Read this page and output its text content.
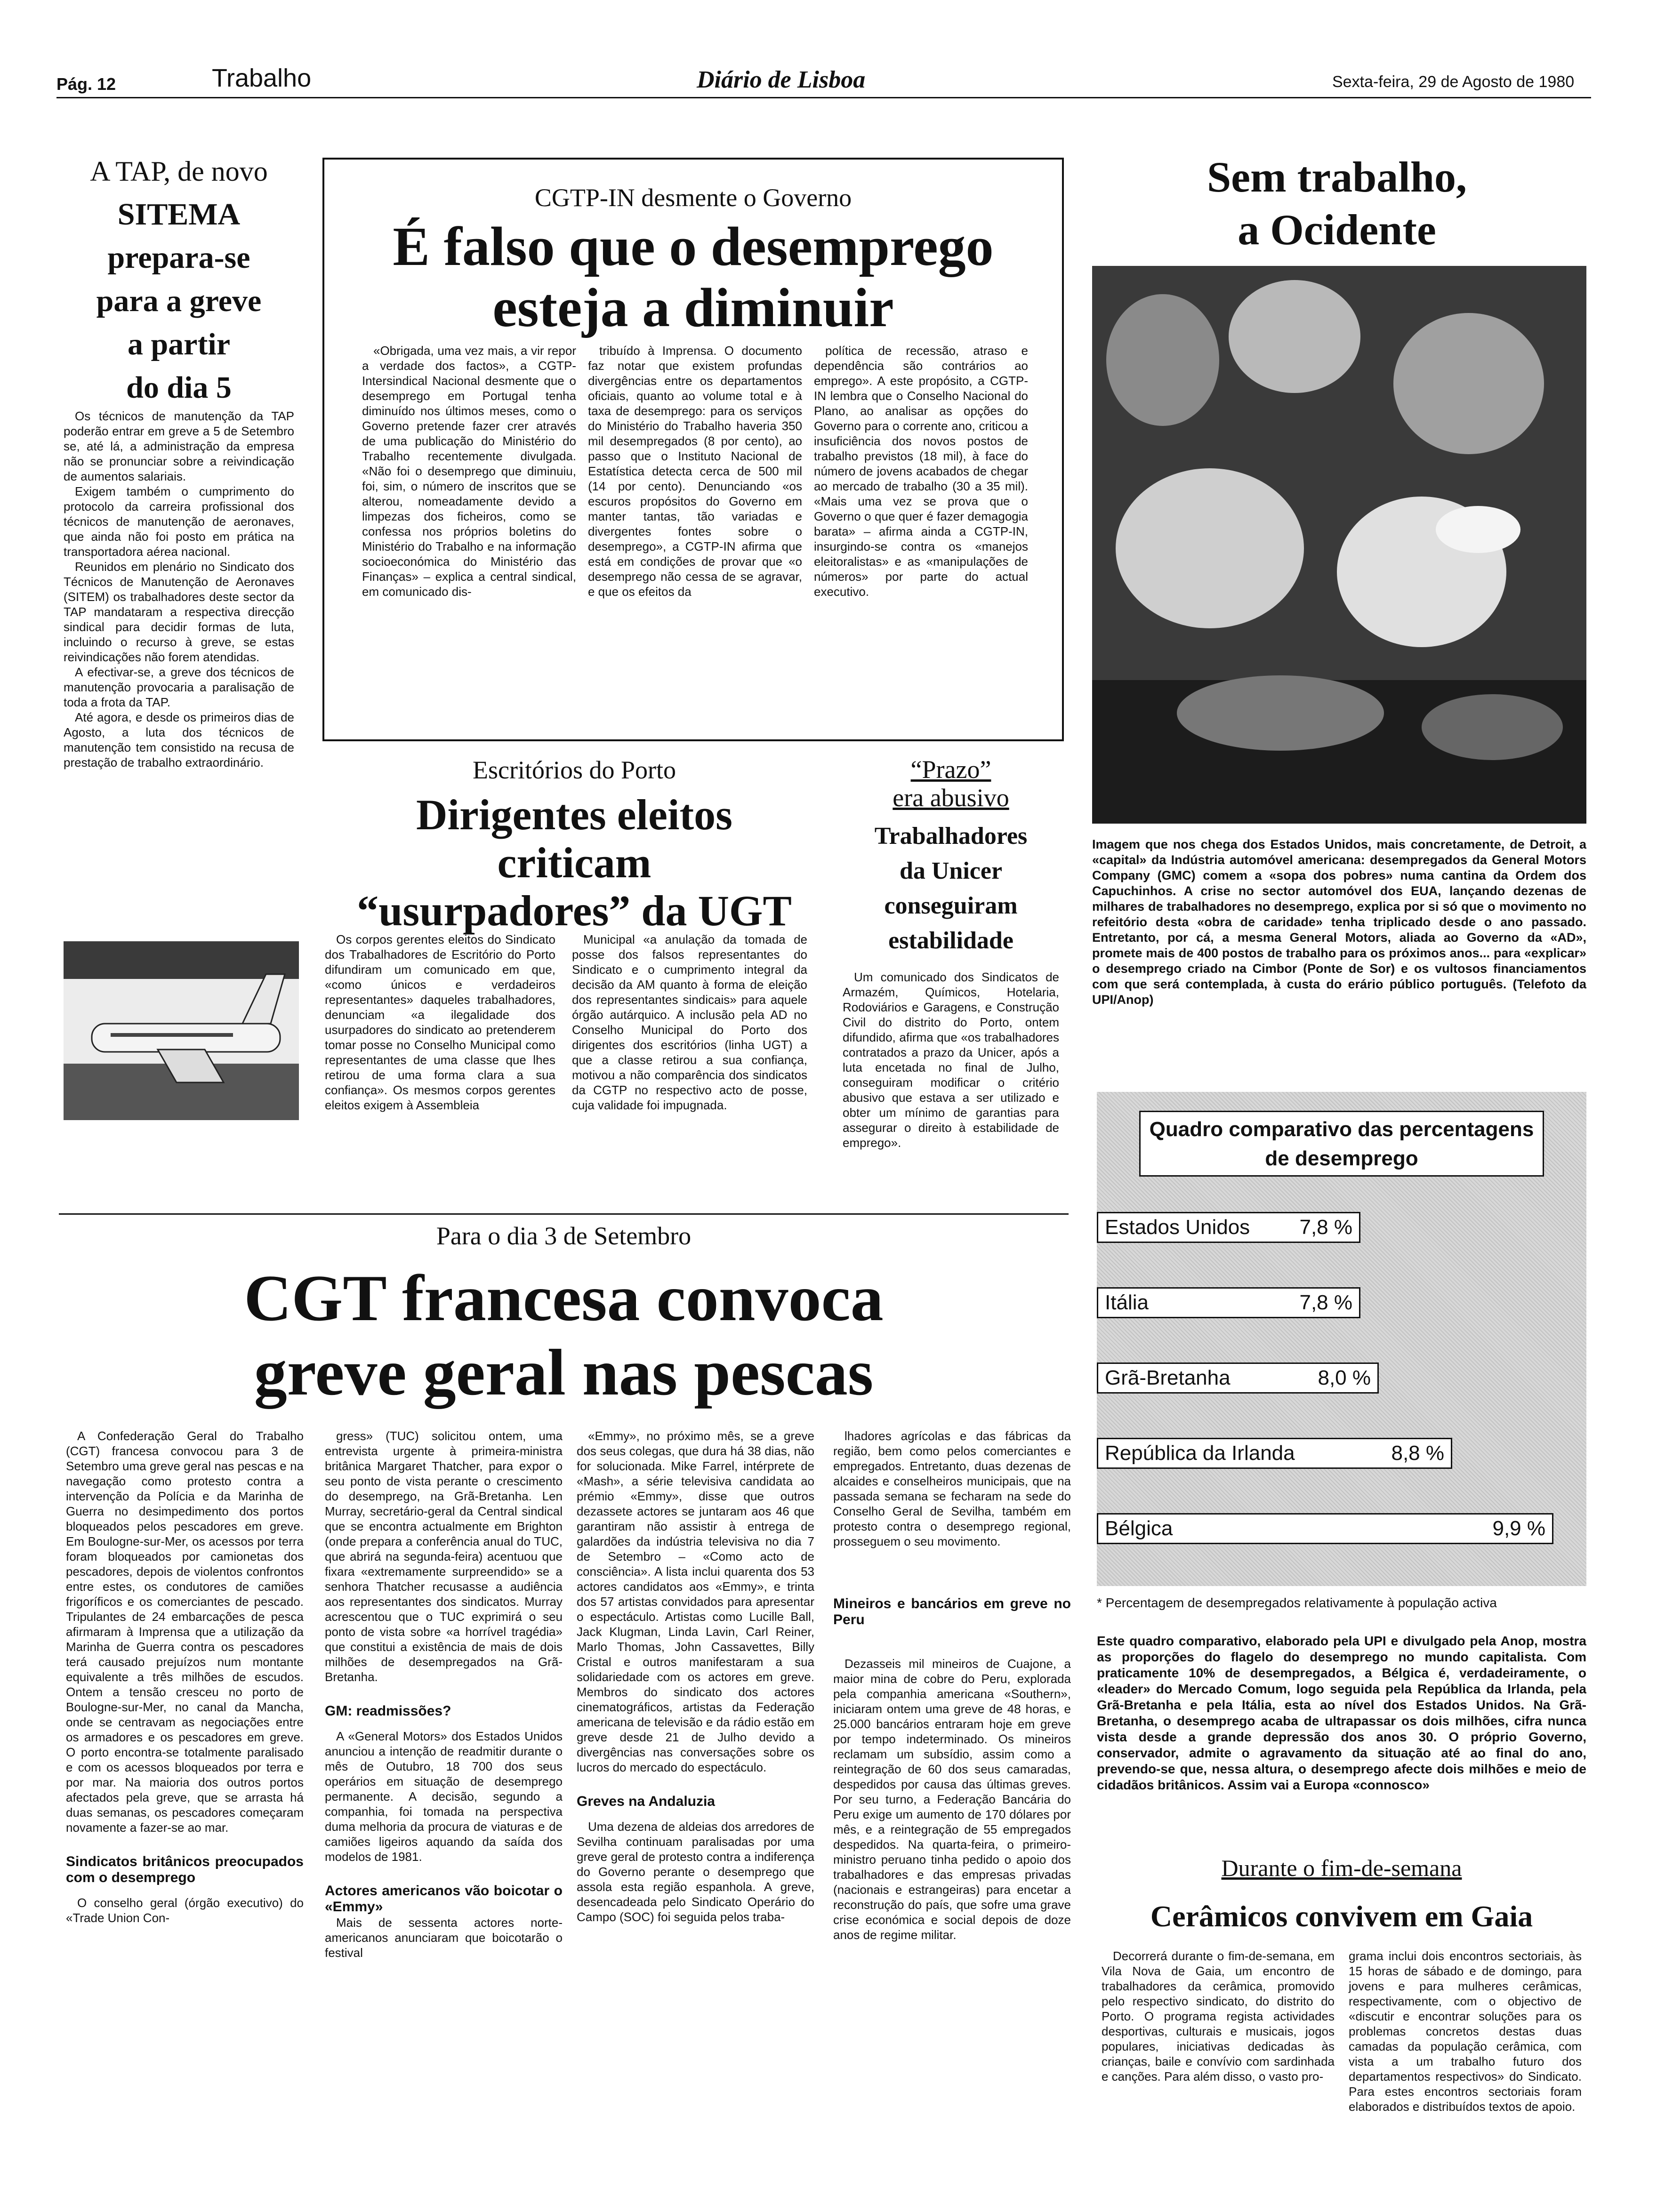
Pág. 12	Trabalho	Diário de Lisboa	Sexta-feira, 29 de Agosto de 1980
A TAP, de novo
SITEMA
prepara-se
para a greve
a partir
do dia 5

Os técnicos de manutenção da TAP poderão entrar em greve a 5 de Setembro se, até lá, a administração da empresa não se pronunciar sobre a reivindicação de aumentos salariais.

Exigem também o cumprimento do protocolo da carreira profissional dos técnicos de manutenção de aeronaves, que ainda não foi posto em prática na transportadora aérea nacional.

Reunidos em plenário no Sindicato dos Técnicos de Manutenção de Aeronaves (SITEM) os trabalhadores deste sector da TAP mandataram a respectiva direcção sindical para decidir formas de luta, incluindo o recurso à greve, se estas reivindicações não forem atendidas.

A efectivar-se, a greve dos técnicos de manutenção provocaria a paralisação de toda a frota da TAP.

Até agora, e desde os primeiros dias de Agosto, a luta dos técnicos de manutenção tem consistido na recusa de prestação de trabalho extraordinário.

CGTP-IN desmente o Governo
É falso que o desemprego
esteja a diminuir
«Obrigada, uma vez mais, a vir repor a verdade dos factos», a CGTP-Intersindical Nacional desmente que o desemprego em Portugal tenha diminuído nos últimos meses, como o Governo pretende fazer crer através de uma publicação do Ministério do Trabalho recentemente divulgada. «Não foi o desemprego que diminuiu, foi, sim, o número de inscritos que se alterou, nomeadamente devido a limpezas dos ficheiros, como se confessa nos próprios boletins do Ministério do Trabalho e na informação socioeconómica do Ministério das Finanças» – explica a central sindical, em comunicado dis-
tribuído à Imprensa. O documento faz notar que existem profundas divergências entre os departamentos oficiais, quanto ao volume total e à taxa de desemprego: para os serviços do Ministério do Trabalho haveria 350 mil desempregados (8 por cento), ao passo que o Instituto Nacional de Estatística detecta cerca de 500 mil (14 por cento). Denunciando «os escuros propósitos do Governo em manter tantas, tão variadas e divergentes fontes sobre o desemprego», a CGTP-IN afirma que está em condições de provar que «o desemprego não cessa de se agravar, e que os efeitos da
política de recessão, atraso e dependência são contrários ao emprego». A este propósito, a CGTP-IN lembra que o Conselho Nacional do Plano, ao analisar as opções do Governo para o corrente ano, criticou a insuficiência dos novos postos de trabalho previstos (18 mil), à face do número de jovens acabados de chegar ao mercado de trabalho (30 a 35 mil). «Mais uma vez se prova que o Governo o que quer é fazer demagogia barata» – afirma ainda a CGTP-IN, insurgindo-se contra os «manejos eleitoralistas» e as «manipulações de números» por parte do actual executivo.
Sem trabalho,
a Ocidente
Imagem que nos chega dos Estados Unidos, mais concretamente, de Detroit, a «capital» da Indústria automóvel americana: desempregados da General Motors Company (GMC) comem a «sopa dos pobres» numa cantina da Ordem dos Capuchinhos. A crise no sector automóvel dos EUA, lançando dezenas de milhares de trabalhadores no desemprego, explica por si só que o movimento no refeitório desta «obra de caridade» tenha triplicado desde o ano passado. Entretanto, por cá, a mesma General Motors, aliada ao Governo da «AD», promete mais de 400 postos de trabalho para os próximos anos... para «explicar» o desemprego criado na Cimbor (Ponte de Sor) e os vultosos financiamentos com que será contemplada, à custa do erário público português. (Telefoto da UPI/Anop)
Escritórios do Porto
Dirigentes eleitos
criticam
“usurpadores” da UGT
Os corpos gerentes eleitos do Sindicato dos Trabalhadores de Escritório do Porto difundiram um comunicado em que, «como únicos e verdadeiros representantes» daqueles trabalhadores, denunciam «a ilegalidade dos usurpadores do sindicato ao pretenderem tomar posse no Conselho Municipal como representantes de uma classe que lhes retirou de uma forma clara a sua confiança». Os mesmos corpos gerentes eleitos exigem à Assembleia
Municipal «a anulação da tomada de posse dos falsos representantes do Sindicato e o cumprimento integral da decisão da AM quanto à forma de eleição dos representantes sindicais» para aquele órgão autárquico. A inclusão pela AD no Conselho Municipal do Porto dos dirigentes dos escritórios (linha UGT) a que a classe retirou a sua confiança, motivou a não comparência dos sindicatos da CGTP no respectivo acto de posse, cuja validade foi impugnada.
“Prazo”
era abusivo
Trabalhadores
da Unicer
conseguiram
estabilidade
Um comunicado dos Sindicatos de Armazém, Químicos, Hotelaria, Rodoviários e Garagens, e Construção Civil do distrito do Porto, ontem difundido, afirma que «os trabalhadores contratados a prazo da Unicer, após a luta encetada no final de Julho, conseguiram modificar o critério abusivo que estava a ser utilizado e obter um mínimo de garantias para assegurar o direito à estabilidade de emprego».
Quadro comparativo das percentagens de desemprego
Estados Unidos 7,8 %
Itália	7,8 %
Grã-Bretanha	8,0 %
República da Irlanda	8,8 %
Bélgica	9,9 %
* Percentagem de desempregados relativamente à população activa
Este quadro comparativo, elaborado pela UPI e divulgado pela Anop, mostra as proporções do flagelo do desemprego no mundo capitalista. Com praticamente 10% de desempregados, a Bélgica é, verdadeiramente, o «leader» do Mercado Comum, logo seguida pela República da Irlanda, pela Grã-Bretanha e pela Itália, esta ao nível dos Estados Unidos. Na Grã-Bretanha, o desemprego acaba de ultrapassar os dois milhões, cifra nunca vista desde a grande depressão dos anos 30. O próprio Governo, conservador, admite o agravamento da situação até ao final do ano, prevendo-se que, nessa altura, o desemprego afecte dois milhões e meio de cidadãos britânicos. Assim vai a Europa «connosco»
Para o dia 3 de Setembro
CGT francesa convoca
greve geral nas pescas

A Confederação Geral do Trabalho (CGT) francesa convocou para 3 de Setembro uma greve geral nas pescas e na navegação como protesto contra a intervenção da Polícia e da Marinha de Guerra no desimpedimento dos portos bloqueados pelos pescadores em greve. Em Boulogne-sur-Mer, os acessos por terra foram bloqueados por camionetas dos pescadores, depois de violentos confrontos entre estes, os condutores de camiões frigoríficos e os comerciantes de pescado. Tripulantes de 24 embarcações de pesca afirmaram à Imprensa que a utilização da Marinha de Guerra contra os pescadores terá causado prejuízos num montante equivalente a três milhões de escudos. Ontem a tensão cresceu no porto de Boulogne-sur-Mer, no canal da Mancha, onde se centravam as negociações entre os armadores e os pescadores em greve. O porto encontra-se totalmente paralisado e com os acessos bloqueados por terra e por mar. Na maioria dos outros portos afectados pela greve, que se arrasta há duas semanas, os pescadores começaram novamente a fazer-se ao mar.

Sindicatos britânicos preocupados com o desemprego

O conselho geral (órgão executivo) do «Trade Union Con-

gress» (TUC) solicitou ontem, uma entrevista urgente à primeira-ministra britânica Margaret Thatcher, para expor o seu ponto de vista perante o crescimento do desemprego, na Grã-Bretanha. Len Murray, secretário-geral da Central sindical que se encontra actualmente em Brighton (onde prepara a conferência anual do TUC, que abrirá na segunda-feira) acentuou que fixara «extremamente surpreendido» se a senhora Thatcher recusasse a audiência aos representantes dos sindicatos. Murray acrescentou que o TUC exprimirá o seu ponto de vista sobre «a horrível tragédia» que constitui a existência de mais de dois milhões de desempregados na Grã-Bretanha.

GM: readmissões?

A «General Motors» dos Estados Unidos anunciou a intenção de readmitir durante o mês de Outubro, 18 700 dos seus operários em situação de desemprego permanente. A decisão, segundo a companhia, foi tomada na perspectiva duma melhoria da procura de viaturas e de camiões ligeiros aquando da saída dos modelos de 1981.

Actores americanos vão boicotar o «Emmy»

Mais de sessenta actores norte-americanos anunciaram que boicotarão o festival

«Emmy», no próximo mês, se a greve dos seus colegas, que dura há 38 dias, não for solucionada. Mike Farrel, intérprete de «Mash», a série televisiva candidata ao prémio «Emmy», disse que outros dezassete actores se juntaram aos 46 que garantiram não assistir à entrega de galardões da indústria televisiva no dia 7 de Setembro – «Como acto de consciência». A lista inclui quarenta dos 53 actores candidatos aos «Emmy», e trinta dos 57 artistas convidados para apresentar o espectáculo. Artistas como Lucille Ball, Jack Klugman, Linda Lavin, Carl Reiner, Marlo Thomas, John Cassavettes, Billy Cristal e outros manifestaram a sua solidariedade com os actores em greve. Membros do sindicato dos actores cinematográficos, artistas da Federação americana de televisão e da rádio estão em greve desde 21 de Julho devido a divergências nas conversações sobre os lucros do mercado do espectáculo.

Greves na Andaluzia

Uma dezena de aldeias dos arredores de Sevilha continuam paralisadas por uma greve geral de protesto contra a indiferença do Governo perante o desemprego que assola esta região espanhola. A greve, desencadeada pelo Sindicato Operário do Campo (SOC) foi seguida pelos traba-

lhadores agrícolas e das fábricas da região, bem como pelos comerciantes e empregados. Entretanto, duas dezenas de alcaides e conselheiros municipais, que na passada semana se fecharam na sede do Conselho Geral de Sevilha, também em protesto contra o desemprego regional, prosseguem o seu movimento.

Mineiros e bancários em greve no Peru

Dezasseis mil mineiros de Cuajone, a maior mina de cobre do Peru, explorada pela companhia americana «Southern», iniciaram ontem uma greve de 48 horas, e 25.000 bancários entraram hoje em greve por tempo indeterminado. Os mineiros reclamam um subsídio, assim como a reintegração de 60 dos seus camaradas, despedidos por causa das últimas greves. Por seu turno, a Federação Bancária do Peru exige um aumento de 170 dólares por mês, e a reintegração de 55 empregados despedidos. Na quarta-feira, o primeiro-ministro peruano tinha pedido o apoio dos trabalhadores e das empresas privadas (nacionais e estrangeiras) para encetar a reconstrução do país, que sofre uma grave crise económica e social depois de doze anos de regime militar.

Durante o fim-de-semana
Cerâmicos convivem em Gaia
Decorrerá durante o fim-de-semana, em Vila Nova de Gaia, um encontro de trabalhadores da cerâmica, promovido pelo respectivo sindicato, do distrito do Porto. O programa regista actividades desportivas, culturais e musicais, jogos populares, iniciativas dedicadas às crianças, baile e convívio com sardinhada e canções. Para além disso, o vasto pro-
grama inclui dois encontros sectoriais, às 15 horas de sábado e de domingo, para jovens e para mulheres cerâmicas, respectivamente, com o objectivo de «discutir e encontrar soluções para os problemas concretos destas duas camadas da população cerâmica, com vista a um trabalho futuro dos departamentos respectivos» do Sindicato. Para estes encontros sectoriais foram elaborados e distribuídos textos de apoio.
